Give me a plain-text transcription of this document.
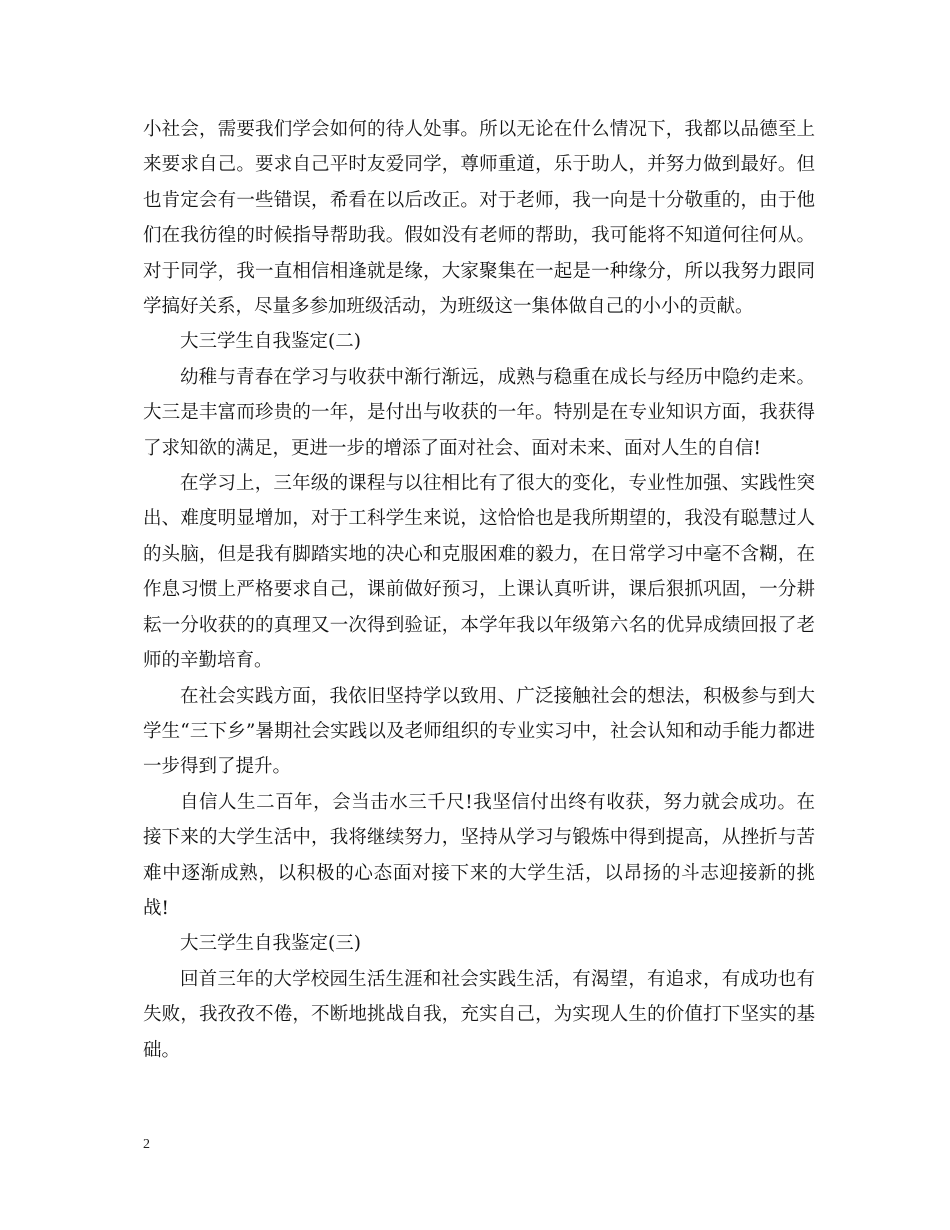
小社会，需要我们学会如何的待人处事。所以无论在什么情况下，我都以品德至上来要求自己。要求自己平时友爱同学，尊师重道，乐于助人，并努力做到最好。但也肯定会有一些错误，希看在以后改正。对于老师，我一向是十分敬重的，由于他们在我彷徨的时候指导帮助我。假如没有老师的帮助，我可能将不知道何往何从。对于同学，我一直相信相逢就是缘，大家聚集在一起是一种缘分，所以我努力跟同学搞好关系，尽量多参加班级活动，为班级这一集体做自己的小小的贡献。

大三学生自我鉴定(二)

幼稚与青春在学习与收获中渐行渐远，成熟与稳重在成长与经历中隐约走来。大三是丰富而珍贵的一年，是付出与收获的一年。特别是在专业知识方面，我获得了求知欲的满足，更进一步的增添了面对社会、面对未来、面对人生的自信!

在学习上，三年级的课程与以往相比有了很大的变化，专业性加强、实践性突出、难度明显增加，对于工科学生来说，这恰恰也是我所期望的，我没有聪慧过人的头脑，但是我有脚踏实地的决心和克服困难的毅力，在日常学习中毫不含糊，在作息习惯上严格要求自己，课前做好预习，上课认真听讲，课后狠抓巩固，一分耕耘一分收获的的真理又一次得到验证，本学年我以年级第六名的优异成绩回报了老师的辛勤培育。

在社会实践方面，我依旧坚持学以致用、广泛接触社会的想法，积极参与到大学生“三下乡”暑期社会实践以及老师组织的专业实习中，社会认知和动手能力都进一步得到了提升。

自信人生二百年，会当击水三千尺!我坚信付出终有收获，努力就会成功。在接下来的大学生活中，我将继续努力，坚持从学习与锻炼中得到提高，从挫折与苦难中逐渐成熟，以积极的心态面对接下来的大学生活，以昂扬的斗志迎接新的挑战!

大三学生自我鉴定(三)

回首三年的大学校园生活生涯和社会实践生活，有渴望，有追求，有成功也有失败，我孜孜不倦，不断地挑战自我，充实自己，为实现人生的价值打下坚实的基础。

2
